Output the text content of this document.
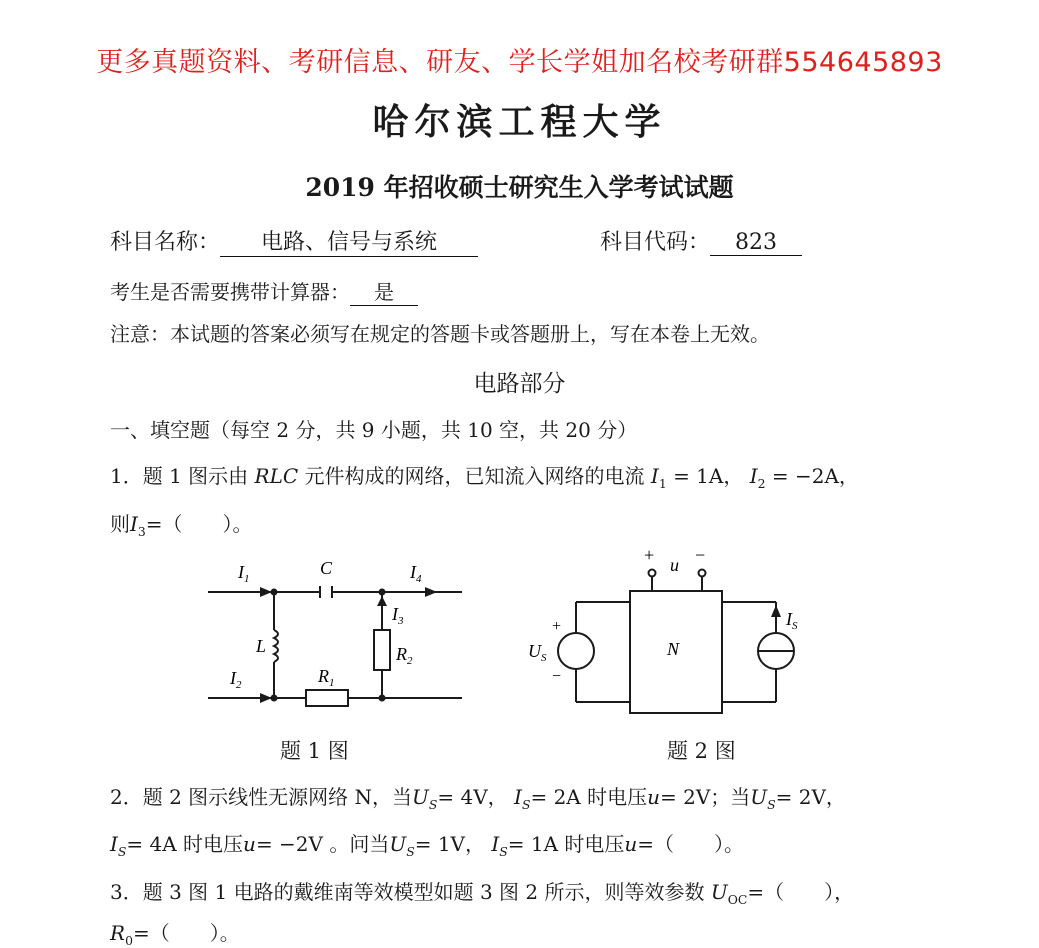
更多真题资料、考研信息、研友、学长学姐加名校考研群554645893
哈尔滨工程大学
2019 年招收硕士研究生入学考试试题
科目名称： 电路、信号与系统	科目代码： 823
考生是否需要携带计算器： 是
注意：本试题的答案必须写在规定的答题卡或答题册上，写在本卷上无效。
电路部分
一、填空题（每空 2 分，共 9 小题，共 10 空，共 20 分）
1．题 1 图示由 RLC 元件构成的网络，已知流入网络的电流 $I_1 = 1A$， $I_2 = -2A$，
则$I_3=$（　　）。
$I_1$
$I_2$
$I_3$
$I_4$
C
L
$R_1$
$R_2$
题 1 图
+ u −
N
$U_S$
+
−
$I_S$
题 2 图
2．题 2 图示线性无源网络 N，当$U_S= 4V$， $I_S= 2A$ 时电压u= 2V；当$U_S= 2V$，
$I_S= 4A$ 时电压u= −2V 。问当$U_S= 1V$， $I_S= 1A$ 时电压u=（　　）。
3．题 3 图 1 电路的戴维南等效模型如题 3 图 2 所示，则等效参数 $U_{OC}=$（　　），
$R_0=$（　　）。
